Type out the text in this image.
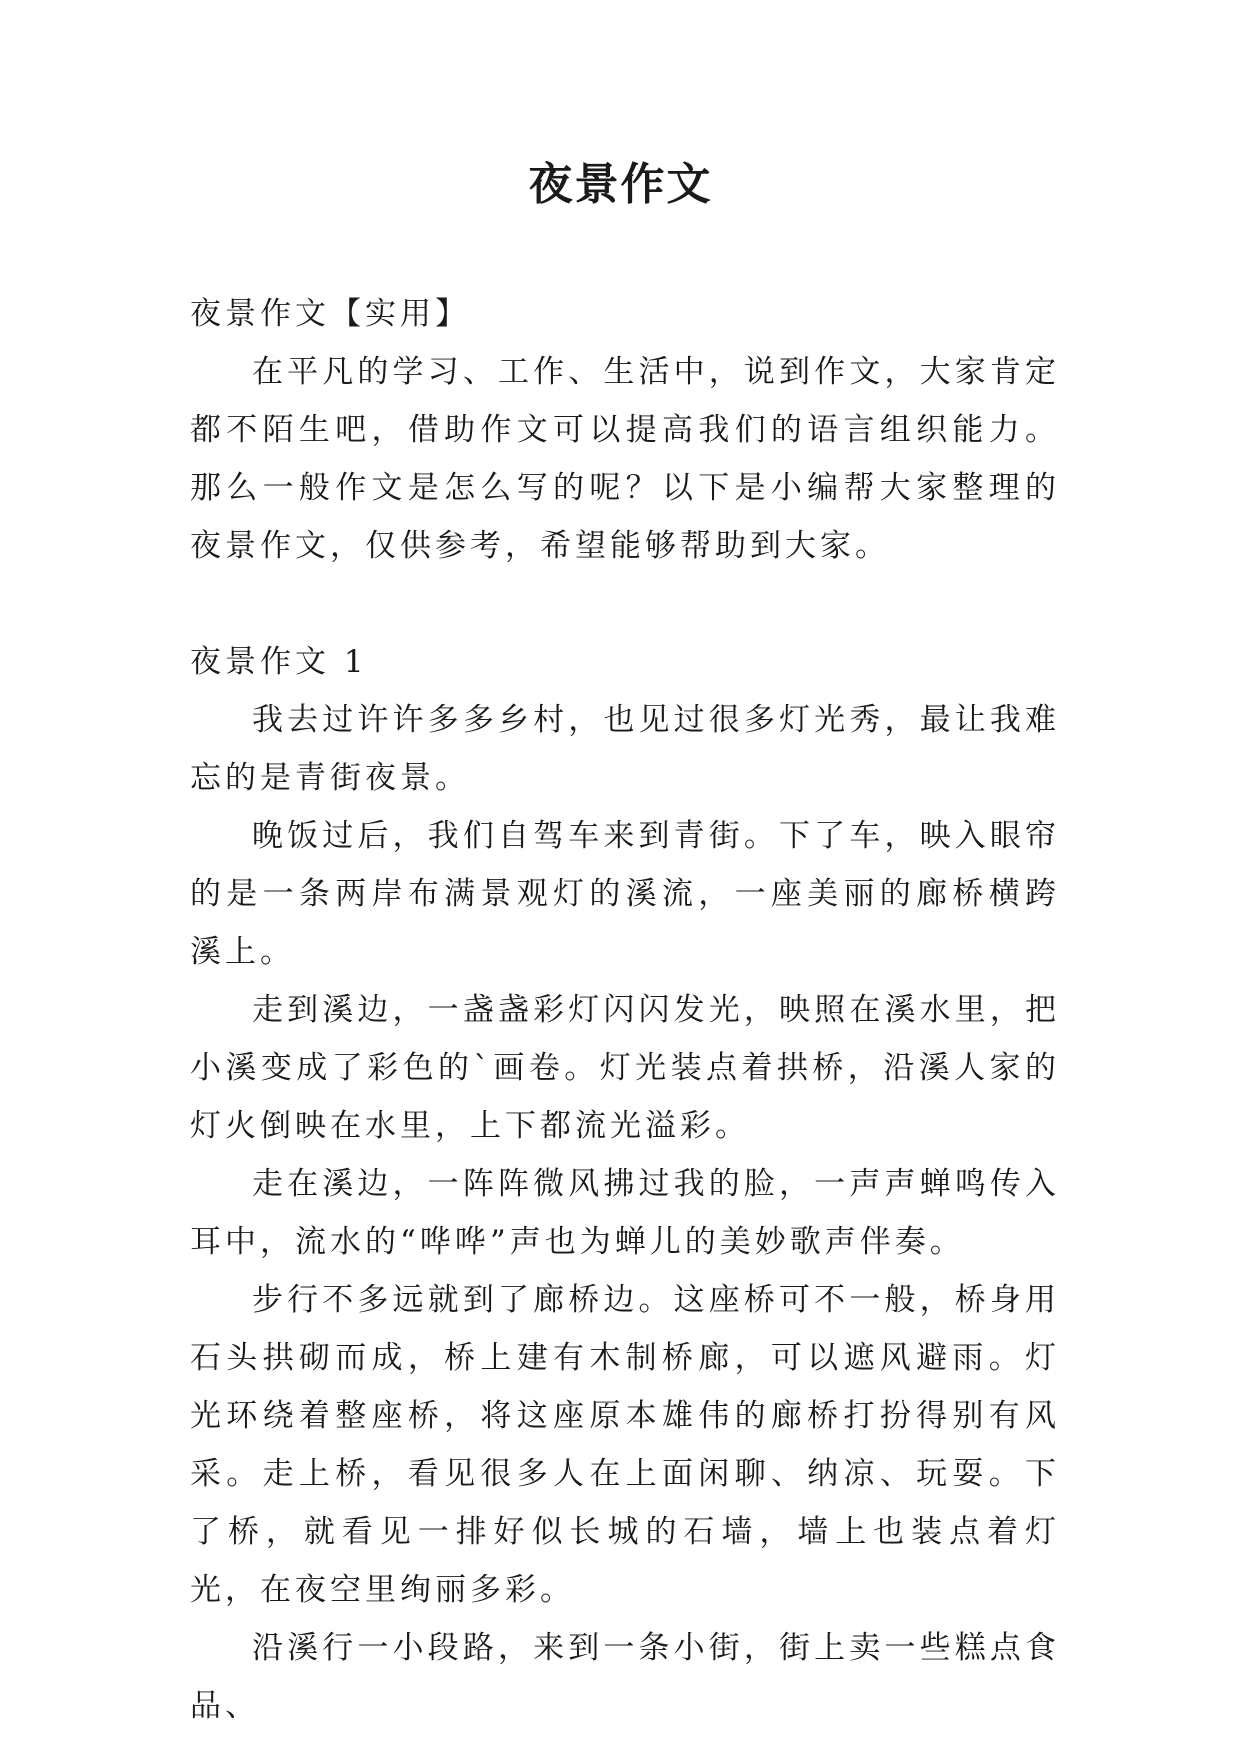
夜景作文

夜景作文【实用】

在平凡的学习、工作、生活中，说到作文，大家肯定都不陌生吧，借助作文可以提高我们的语言组织能力。那么一般作文是怎么写的呢？以下是小编帮大家整理的夜景作文，仅供参考，希望能够帮助到大家。

夜景作文 1

我去过许许多多乡村，也见过很多灯光秀，最让我难忘的是青街夜景。

晚饭过后，我们自驾车来到青街。下了车，映入眼帘的是一条两岸布满景观灯的溪流，一座美丽的廊桥横跨溪上。

走到溪边，一盏盏彩灯闪闪发光，映照在溪水里，把小溪变成了彩色的`画卷。灯光装点着拱桥，沿溪人家的灯火倒映在水里，上下都流光溢彩。

走在溪边，一阵阵微风拂过我的脸，一声声蝉鸣传入耳中，流水的“哗哗”声也为蝉儿的美妙歌声伴奏。

步行不多远就到了廊桥边。这座桥可不一般，桥身用石头拱砌而成，桥上建有木制桥廊，可以遮风避雨。灯光环绕着整座桥，将这座原本雄伟的廊桥打扮得别有风采。走上桥，看见很多人在上面闲聊、纳凉、玩耍。下了桥，就看见一排好似长城的石墙，墙上也装点着灯光，在夜空里绚丽多彩。

沿溪行一小段路，来到一条小街，街上卖一些糕点食品、
